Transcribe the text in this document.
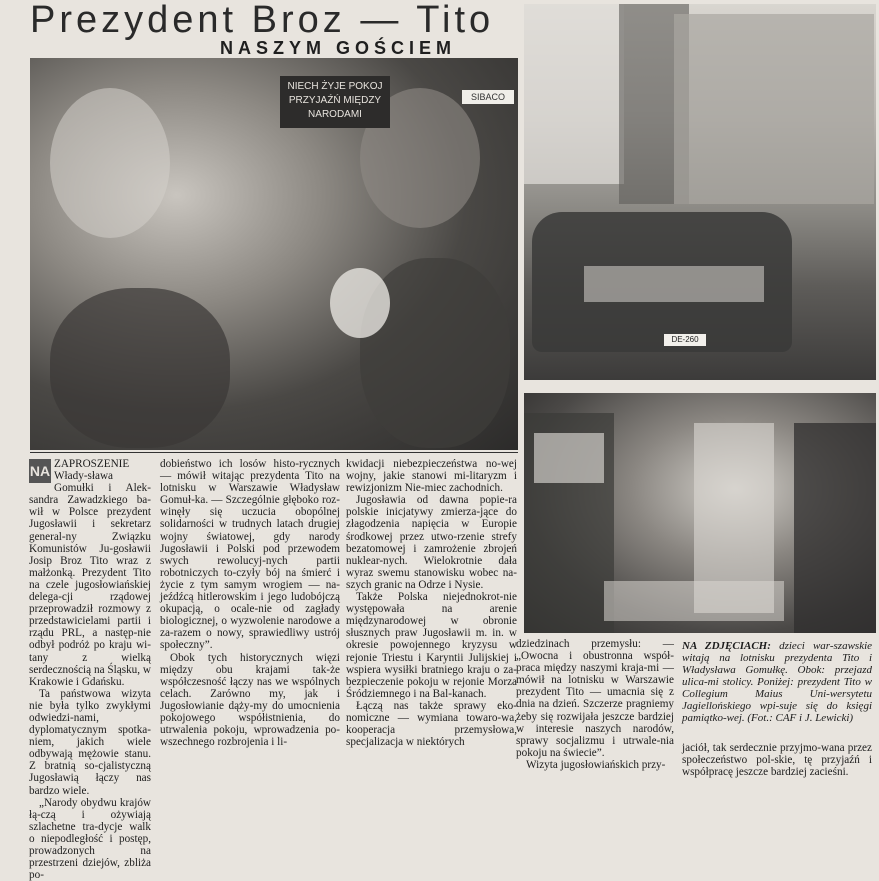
Prezydent Broz — Tito
NASZYM GOŚCIEM
NIECH ŻYJE POKOJ PRZYJAŹŃ MIĘDZY NARODAMI
SIBACO
DE-260
NA ZAPROSZENIE Włady-sława Gomułki i Alek-sandra Zawadzkiego ba-wił w Polsce prezydent Jugosławii i sekretarz general-ny Związku Komunistów Ju-gosławii Josip Broz Tito wraz z małżonką. Prezydent Tito na czele jugosłowiańskiej delega-cji rządowej przeprowadził rozmowy z przedstawicielami partii i rządu PRL, a następ-nie odbył podróż po kraju wi-tany z wielką serdecznością na Śląsku, w Krakowie i Gdańsku.

Ta państwowa wizyta nie była tylko zwykłymi odwiedzi-nami, dyplomatycznym spotka-niem, jakich wiele odbywają mężowie stanu. Z bratnią so-cjalistyczną Jugosławią łączy nas bardzo wiele.

„Narody obydwu krajów łą-czą i ożywiają szlachetne tra-dycje walk o niepodległość i postęp, prowadzonych na przestrzeni dziejów, zbliża po-

dobieństwo ich losów histo-rycznych — mówił witając prezydenta Tito na lotnisku w Warszawie Władysław Gomuł-ka. — Szczególnie głęboko roz-winęły się uczucia obopólnej solidarności w trudnych latach drugiej wojny światowej, gdy narody Jugosławii i Polski pod przewodem swych rewolucyj-nych partii robotniczych to-czyły bój na śmierć i życie z tym samym wrogiem — na-jeźdźcą hitlerowskim i jego ludobójczą okupacją, o ocale-nie od zagłady biologicznej, o wyzwolenie narodowe a za-razem o nowy, sprawiedliwy ustrój społeczny”.

Obok tych historycznych więzi między obu krajami tak-że współczesność łączy nas we wspólnych celach. Zarówno my, jak i Jugosłowianie dąży-my do umocnienia pokojowego współistnienia, do utrwalenia pokoju, wprowadzenia po-wszechnego rozbrojenia i li-

kwidacji niebezpieczeństwa no-wej wojny, jakie stanowi mi-litaryzm i rewizjonizm Nie-miec zachodnich.

Jugosławia od dawna popie-ra polskie inicjatywy zmierza-jące do złagodzenia napięcia w Europie środkowej przez utwo-rzenie strefy bezatomowej i zamrożenie zbrojeń nuklear-nych. Wielokrotnie dała wyraz swemu stanowisku wobec na-szych granic na Odrze i Nysie.

Także Polska niejednokrot-nie występowała na arenie międzynarodowej w obronie słusznych praw Jugosławii m. in. w okresie powojennego kryzysu w rejonie Triestu i Karyntii Julijskiej i wspiera wysiłki bratniego kraju o za-bezpieczenie pokoju w rejonie Morza Śródziemnego i na Bal-kanach.

Łączą nas także sprawy eko-nomiczne — wymiana towaro-wa, kooperacja przemysłowa, specjalizacja w niektórych

dziedzinach przemysłu: — „Owocna i obustronna współ-praca między naszymi kraja-mi — mówił na lotnisku w Warszawie prezydent Tito — umacnia się z dnia na dzień. Szczerze pragniemy żeby się rozwijała jeszcze bardziej w interesie naszych narodów, sprawy socjalizmu i utrwale-nia pokoju na świecie”.

Wizyta jugosłowiańskich przy-

NA ZDJĘCIACH: dzieci war-szawskie witają na lotnisku prezydenta Tito i Władysława Gomułkę. Obok: przejazd ulica-mi stolicy. Poniżej: prezydent Tito w Collegium Maius Uni-wersytetu Jagiellońskiego wpi-suje się do księgi pamiątko-wej. (Fot.: CAF i J. Lewicki)

jaciół, tak serdecznie przyjmo-wana przez społeczeństwo pol-skie, tę przyjaźń i współpracę jeszcze bardziej zacieśni.
